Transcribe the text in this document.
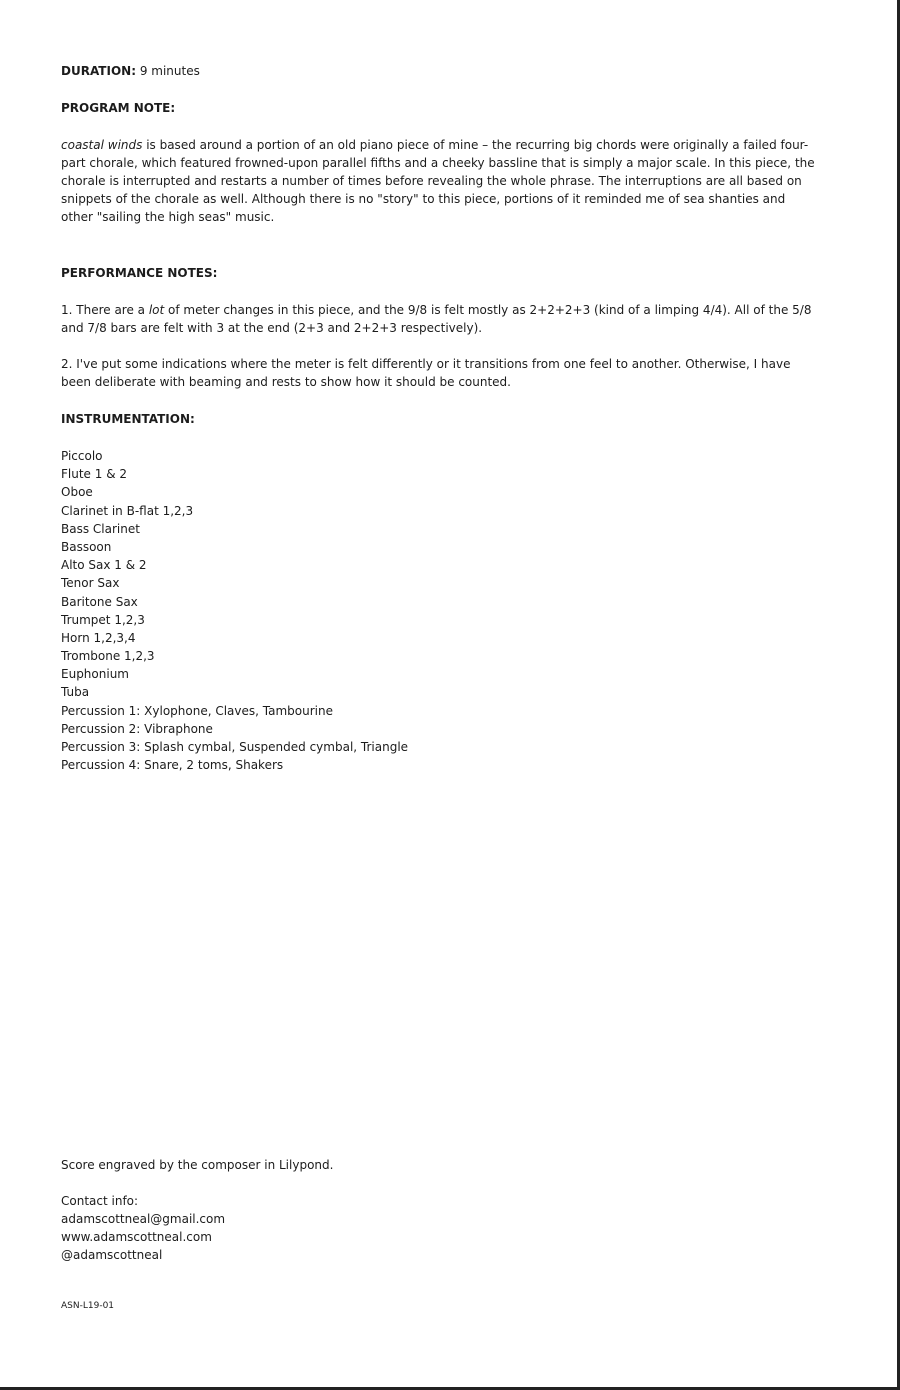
DURATION: 9 minutes
PROGRAM NOTE:

coastal winds is based around a portion of an old piano piece of mine – the recurring big chords were originally a failed four-part chorale, which featured frowned-upon parallel fifths and a cheeky bassline that is simply a major scale. In this piece, the chorale is interrupted and restarts a number of times before revealing the whole phrase. The interruptions are all based on snippets of the chorale as well. Although there is no "story" to this piece, portions of it reminded me of sea shanties and other "sailing the high seas" music.

PERFORMANCE NOTES:

1. There are a lot of meter changes in this piece, and the 9/8 is felt mostly as 2+2+2+3 (kind of a limping 4/4). All of the 5/8 and 7/8 bars are felt with 3 at the end (2+3 and 2+2+3 respectively).

2. I've put some indications where the meter is felt differently or it transitions from one feel to another. Otherwise, I have been deliberate with beaming and rests to show how it should be counted.

INSTRUMENTATION:
Piccolo
Flute 1 & 2
Oboe
Clarinet in B-flat 1,2,3
Bass Clarinet
Bassoon
Alto Sax 1 & 2
Tenor Sax
Baritone Sax
Trumpet 1,2,3
Horn 1,2,3,4
Trombone 1,2,3
Euphonium
Tuba
Percussion 1: Xylophone, Claves, Tambourine
Percussion 2: Vibraphone
Percussion 3: Splash cymbal, Suspended cymbal, Triangle
Percussion 4: Snare, 2 toms, Shakers
Score engraved by the composer in Lilypond.
Contact info:
adamscottneal@gmail.com
www.adamscottneal.com
@adamscottneal
ASN-L19-01
